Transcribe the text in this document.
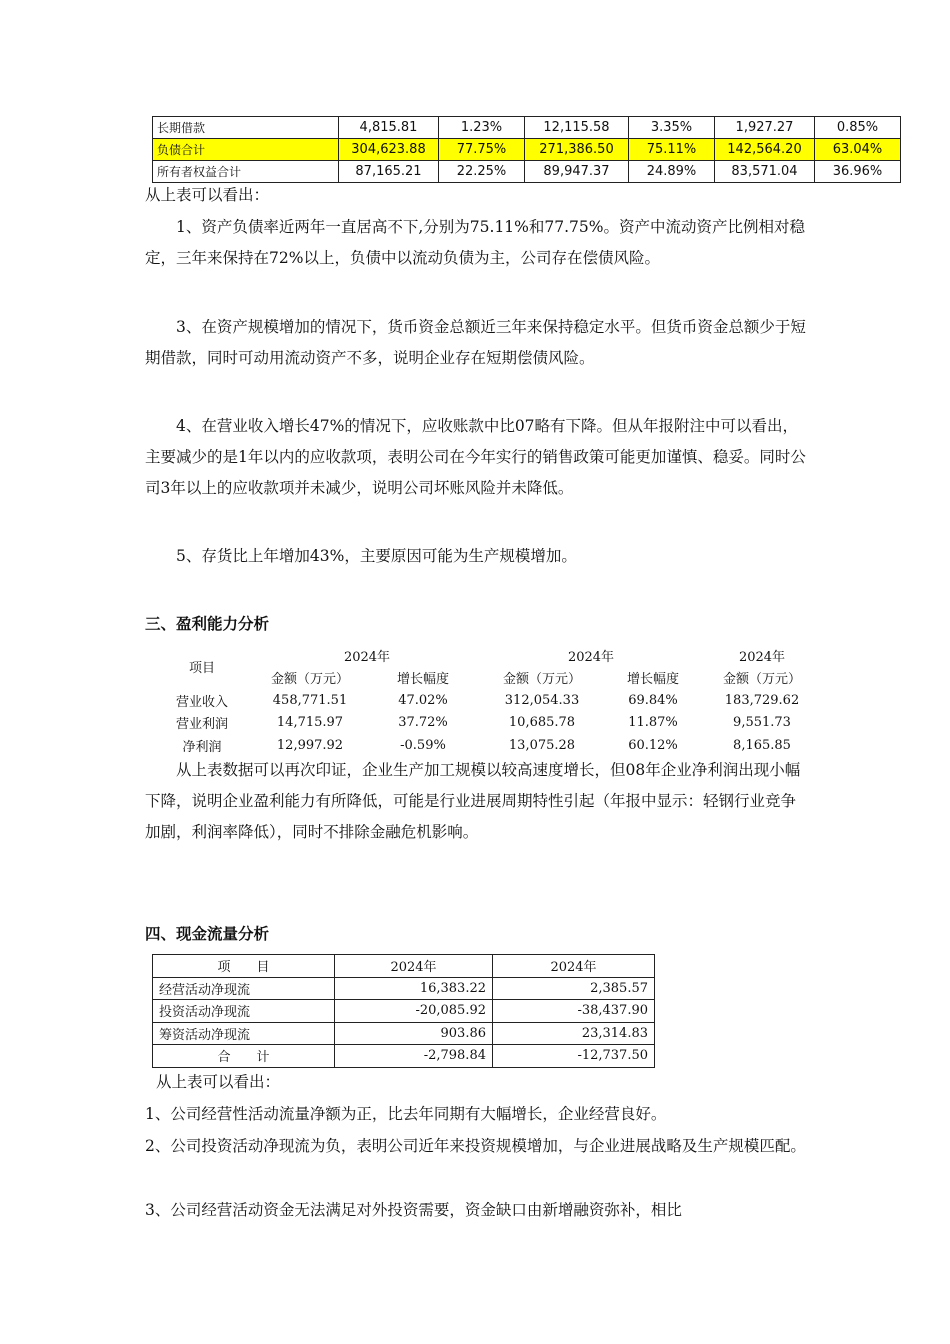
长期借款	4,815.81	1.23%	12,115.58	3.35%	1,927.27	0.85%
负债合计	304,623.88	77.75%	271,386.50	75.11%	142,564.20	63.04%
所有者权益合计	87,165.21	22.25%	89,947.37	24.89%	83,571.04	36.96%
从上表可以看出：
1、资产负债率近两年一直居高不下,分别为75.11%和77.75%。资产中流动资产比例相对稳定，三年来保持在72%以上，负债中以流动负债为主，公司存在偿债风险。
3、在资产规模增加的情况下，货币资金总额近三年来保持稳定水平。但货币资金总额少于短期借款，同时可动用流动资产不多，说明企业存在短期偿债风险。
4、在营业收入增长47%的情况下，应收账款中比07略有下降。但从年报附注中可以看出，主要减少的是1年以内的应收款项，表明公司在今年实行的销售政策可能更加谨慎、稳妥。同时公司3年以上的应收款项并未减少，说明公司坏账风险并未降低。
5、存货比上年增加43%，主要原因可能为生产规模增加。
三、盈利能力分析
项目	2024年		2024年		2024年
	金额（万元）	增长幅度	金额（万元）	增长幅度	金额（万元）
营业收入	458,771.51	47.02%	312,054.33	69.84%	183,729.62
营业利润	14,715.97	37.72%	10,685.78	11.87%	9,551.73
净利润	12,997.92	-0.59%	13,075.28	60.12%	8,165.85
从上表数据可以再次印证，企业生产加工规模以较高速度增长，但08年企业净利润出现小幅下降，说明企业盈利能力有所降低，可能是行业进展周期特性引起（年报中显示：轻钢行业竞争加剧，利润率降低），同时不排除金融危机影响。
四、现金流量分析
项　　目	2024年	2024年
经营活动净现流	16,383.22	2,385.57
投资活动净现流	-20,085.92	-38,437.90
筹资活动净现流	903.86	23,314.83
合　　计	-2,798.84	-12,737.50
从上表可以看出：
1、公司经营性活动流量净额为正，比去年同期有大幅增长，企业经营良好。
2、公司投资活动净现流为负，表明公司近年来投资规模增加，与企业进展战略及生产规模匹配。
3、公司经营活动资金无法满足对外投资需要，资金缺口由新增融资弥补，相比
